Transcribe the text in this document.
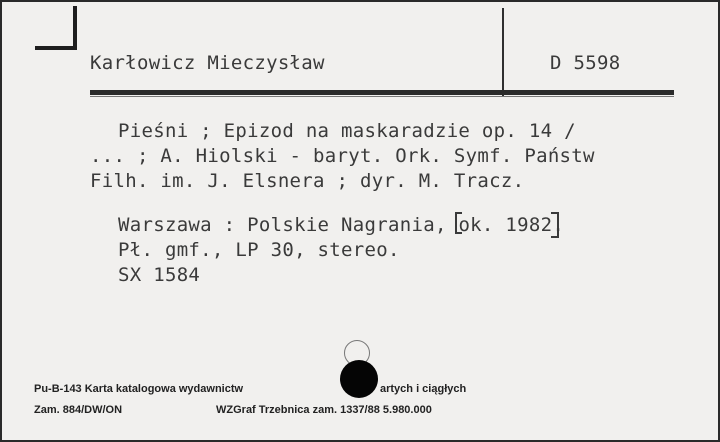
Karłowicz Mieczysław	D 5598
Pieśni ; Epizod na maskaradzie op. 14 /
... ; A. Hiolski - baryt. Ork. Symf. Państw
Filh. im. J. Elsnera ; dyr. M. Tracz.
Warszawa : Polskie Nagrania, ok. 1982.
Pł. gmf., LP 30, stereo.
SX 1584
Pu-B-143 Karta katalogowa wydawnictw	artych i ciągłych
Zam. 884/DW/ON	WZGraf Trzebnica zam. 1337/88 5.980.000
